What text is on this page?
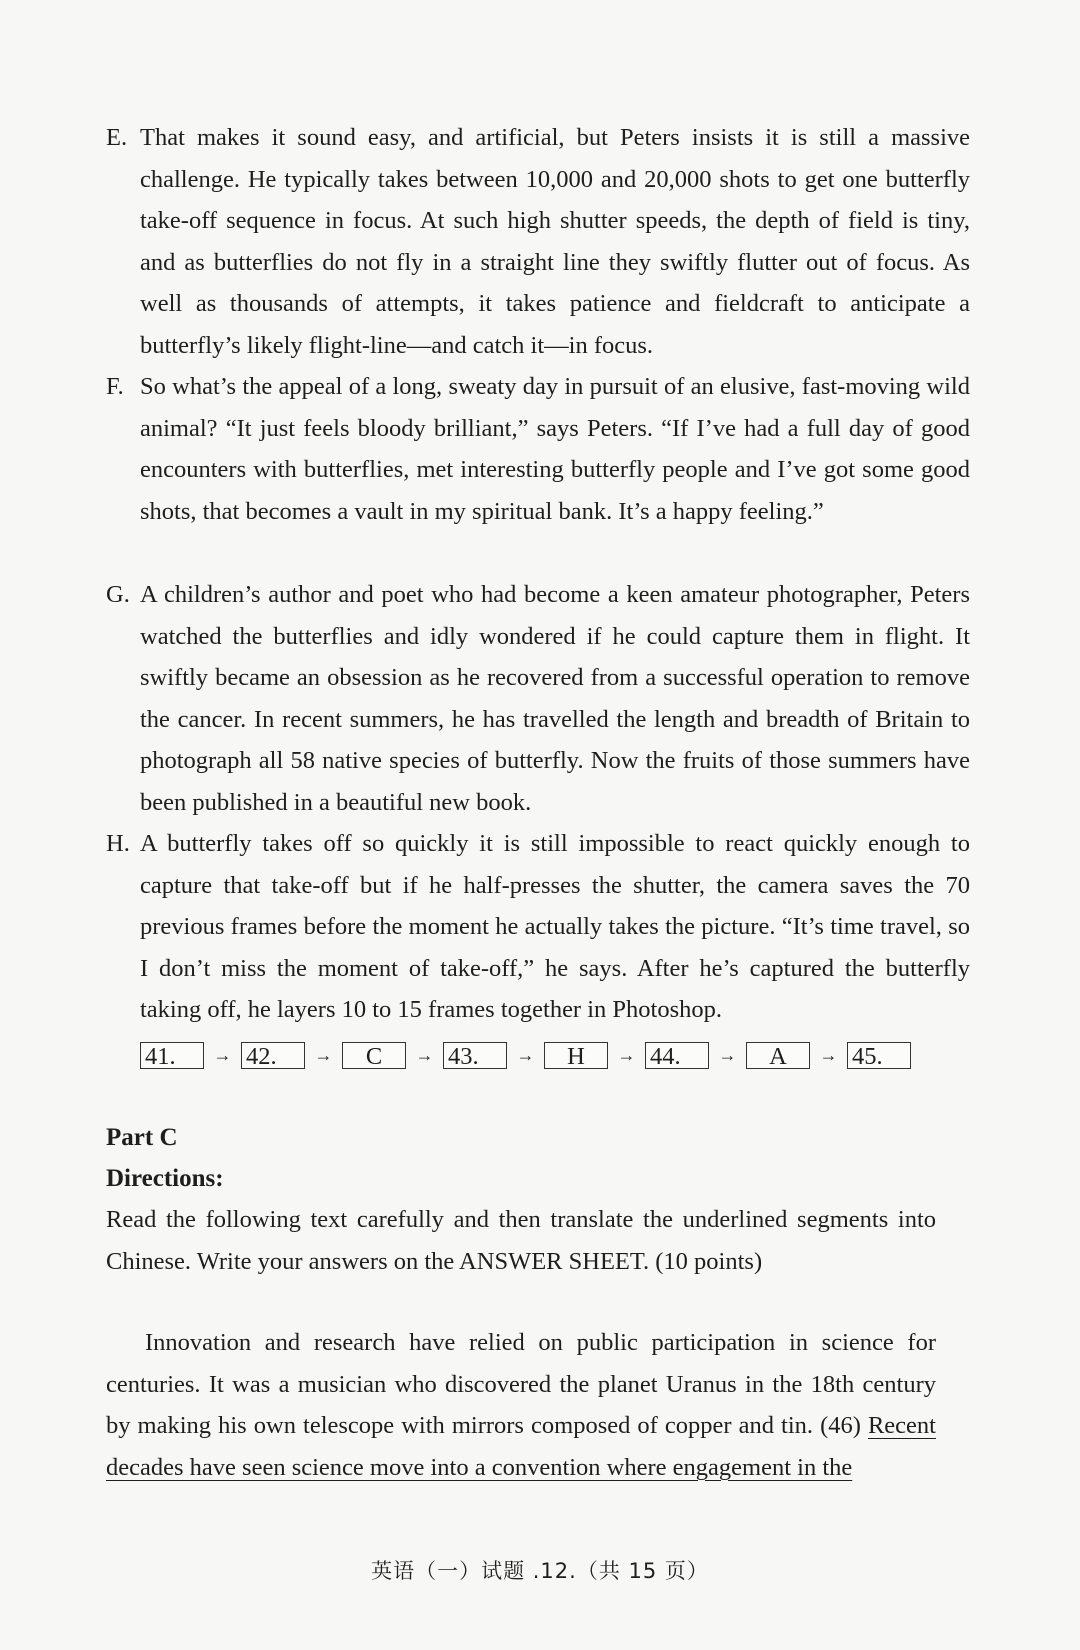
E. That makes it sound easy, and artificial, but Peters insists it is still a massive challenge. He typically takes between 10,000 and 20,000 shots to get one butterfly take-off sequence in focus. At such high shutter speeds, the depth of field is tiny, and as butterflies do not fly in a straight line they swiftly flutter out of focus. As well as thousands of attempts, it takes patience and fieldcraft to anticipate a butterfly’s likely flight-line—and catch it—in focus.
F. So what’s the appeal of a long, sweaty day in pursuit of an elusive, fast-moving wild animal? “It just feels bloody brilliant,” says Peters. “If I’ve had a full day of good encounters with butterflies, met interesting butterfly people and I’ve got some good shots, that becomes a vault in my spiritual bank. It’s a happy feeling.”
G. A children’s author and poet who had become a keen amateur photographer, Peters watched the butterflies and idly wondered if he could capture them in flight. It swiftly became an obsession as he recovered from a successful operation to remove the cancer. In recent summers, he has travelled the length and breadth of Britain to photograph all 58 native species of butterfly. Now the fruits of those summers have been published in a beautiful new book.
H. A butterfly takes off so quickly it is still impossible to react quickly enough to capture that take-off but if he half-presses the shutter, the camera saves the 70 previous frames before the moment he actually takes the picture. “It’s time travel, so I don’t miss the moment of take-off,” he says. After he’s captured the butterfly taking off, he layers 10 to 15 frames together in Photoshop.
41.	→ 42.	→	C	→ 43.	→	H	→ 44.	→	A	→ 45.
Part C
Directions:
Read the following text carefully and then translate the underlined segments into Chinese. Write your answers on the ANSWER SHEET. (10 points)
Innovation and research have relied on public participation in science for centuries. It was a musician who discovered the planet Uranus in the 18th century by making his own telescope with mirrors composed of copper and tin. (46) Recent decades have seen science move into a convention where engagement in the
英语（一）试题 .12.（共 15 页）
